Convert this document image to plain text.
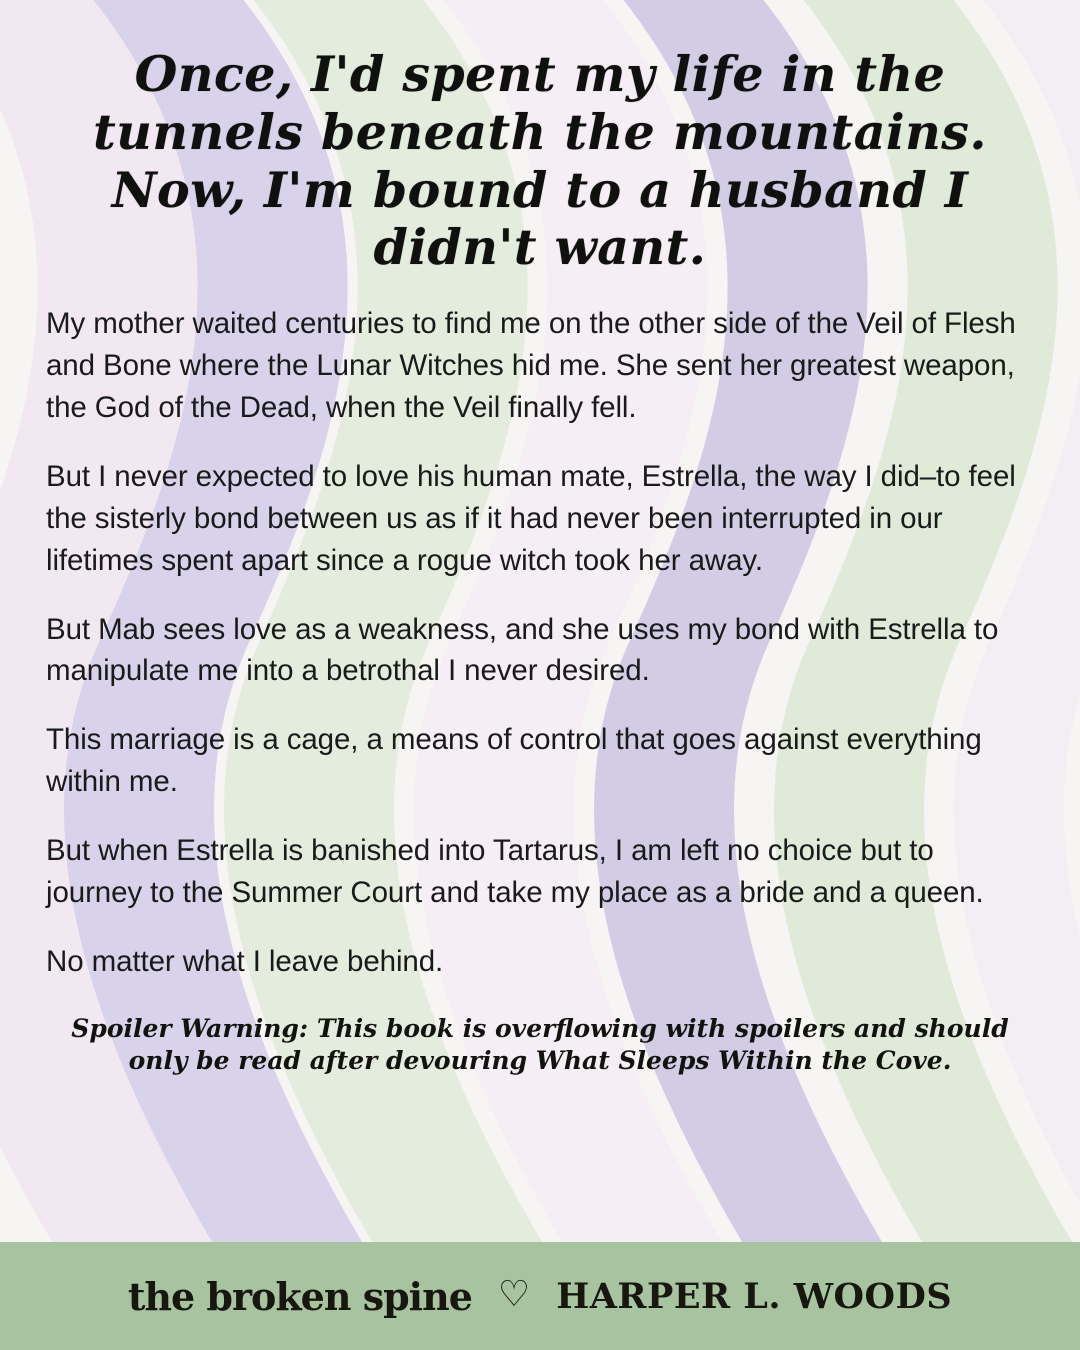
Once, I'd spent my life in the tunnels beneath the mountains. Now, I'm bound to a husband I didn't want.

My mother waited centuries to find me on the other side of the Veil of Flesh and Bone where the Lunar Witches hid me. She sent her greatest weapon, the God of the Dead, when the Veil finally fell.

But I never expected to love his human mate, Estrella, the way I did–to feel the sisterly bond between us as if it had never been interrupted in our lifetimes spent apart since a rogue witch took her away.

But Mab sees love as a weakness, and she uses my bond with Estrella to manipulate me into a betrothal I never desired.

This marriage is a cage, a means of control that goes against everything within me.

But when Estrella is banished into Tartarus, I am left no choice but to journey to the Summer Court and take my place as a bride and a queen.

No matter what I leave behind.

Spoiler Warning: This book is overflowing with spoilers and should only be read after devouring What Sleeps Within the Cove.
the broken spine ♡ HARPER L. WOODS
